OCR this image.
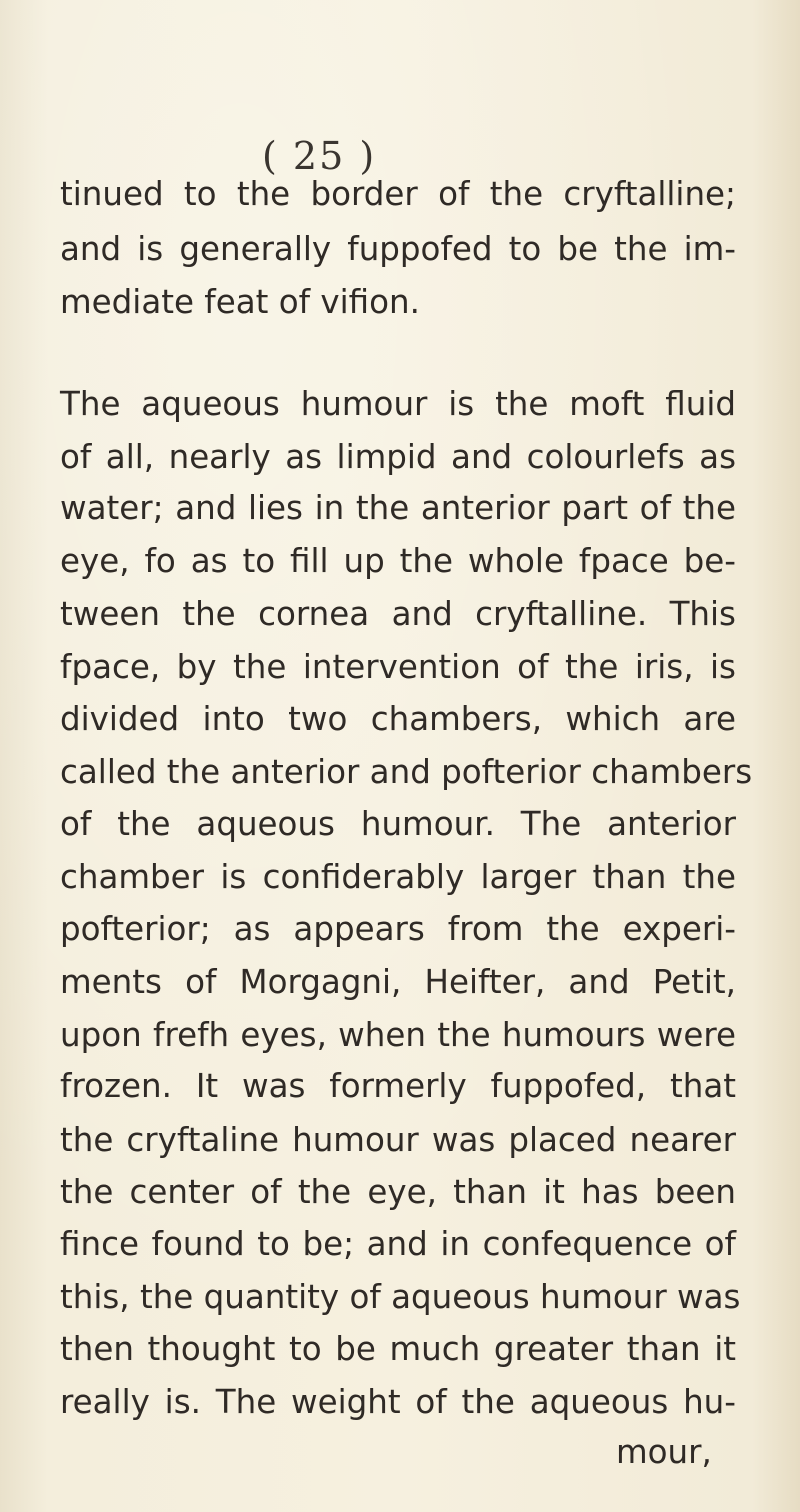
( 25 )

tinued to the border of the cryftalline;

and is generally fuppofed to be the im-

mediate feat of vifion.

The aqueous humour is the moft fluid

of all, nearly as limpid and colourlefs as

water; and lies in the anterior part of the

eye, fo as to fill up the whole fpace be-

tween the cornea and cryftalline. This

fpace, by the intervention of the iris, is

divided into two chambers, which are

called the anterior and pofterior chambers

of the aqueous humour. The anterior

chamber is confiderably larger than the

pofterior; as appears from the experi-

ments of Morgagni, Heifter, and Petit,

upon frefh eyes, when the humours were

frozen. It was formerly fuppofed, that

the cryftaline humour was placed nearer

the center of the eye, than it has been

fince found to be; and in confequence of

this, the quantity of aqueous humour was

then thought to be much greater than it

really is. The weight of the aqueous hu-

mour,
